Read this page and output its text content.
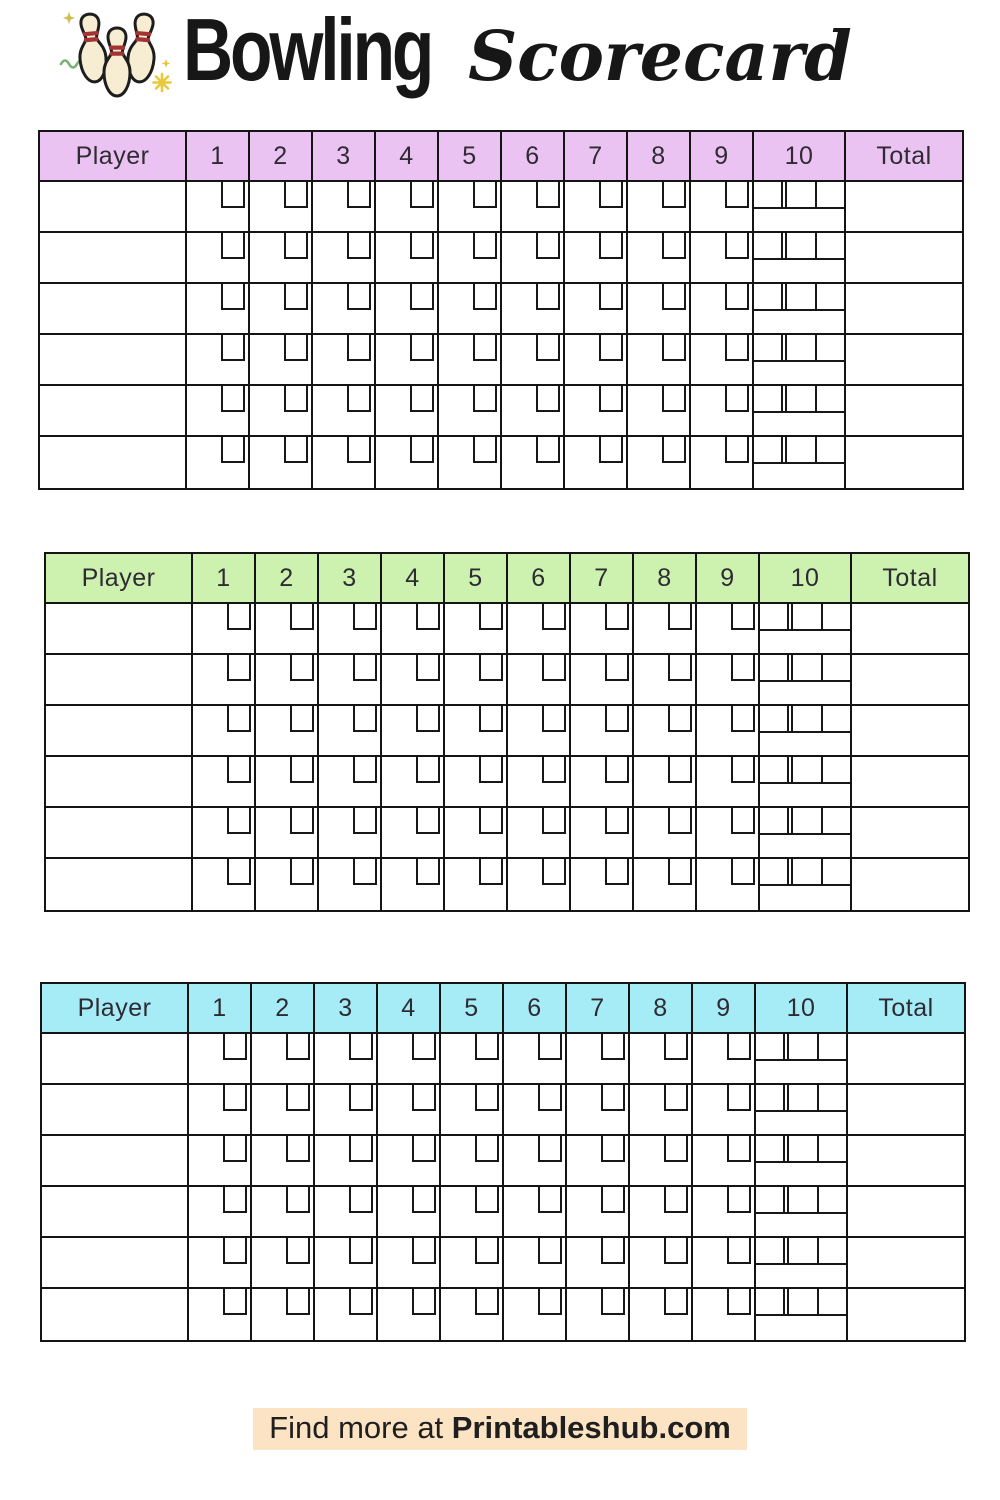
Bowling Scorecard
Player	1	2	3	4	5	6	7	8	9	10	Total
Player	1	2	3	4	5	6	7	8	9	10	Total
Player	1	2	3	4	5	6	7	8	9	10	Total
Find more at Printableshub.com
